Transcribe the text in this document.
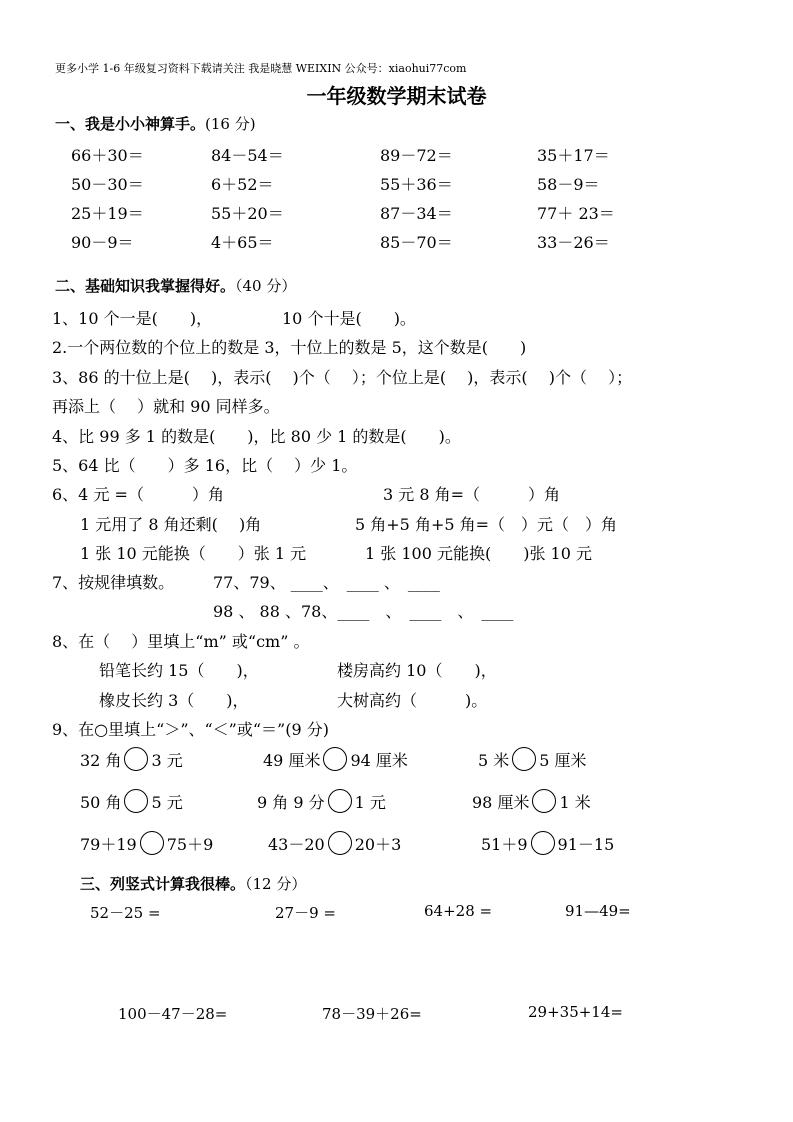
更多小学 1-6 年级复习资料下载请关注 我是晓慧 WEIXIN 公众号：xiaohui77com
一年级数学期末试卷
一、我是小小神算手。(16 分)
66＋30＝	84－54＝	89－72＝	35＋17＝
50－30＝	6＋52＝	55＋36＝	58－9＝
25＋19＝	55＋20＝	87－34＝	77＋ 23＝
90－9＝	4＋65＝	85－70＝	33－26＝
二、基础知识我掌握得好。（40 分）
1、10 个一是(　　)，	10 个十是(　　)。
2.一个两位数的个位上的数是 3，十位上的数是 5，这个数是(　　)
3、86 的十位上是(　 )，表示(　 )个（　 ）；个位上是(　 )，表示(　 )个（　 ）；
再添上（　 ）就和 90 同样多。
4、比 99 多 1 的数是(　　)，比 80 少 1 的数是(　　)。
5、64 比（　　）多 16，比（　 ）少 1。
6、4 元 =（　　　）角	3 元 8 角=（　　　）角
1 元用了 8 角还剩(　 )角	5 角+5 角+5 角=（　）元（　）角
1 张 10 元能换（　　）张 1 元	1 张 100 元能换(　　)张 10 元
7、按规律填数。 77、79、 ____、　____ 、　____
98 、 88 、78、____　、　____　、　____
8、在（　 ）里填上“m” 或“cm” 。
铅笔长约 15（　　)，	楼房高约 10（　　)，
橡皮长约 3（　　)，	大树高约（　　　)。
9、在○里填上“＞”、“＜”或“＝”(9 分)
32 角 3 元	49 厘米 94 厘米	5 米 5 厘米
50 角 5 元	9 角 9 分 1 元	98 厘米 1 米
79＋19 75＋9	43－20 20＋3	51＋9 91－15
三、列竖式计算我很棒。（12 分）
52－25 =	27－9 =	64+28 =	91—49=
100－47－28=	78－39＋26=	29+35+14=
